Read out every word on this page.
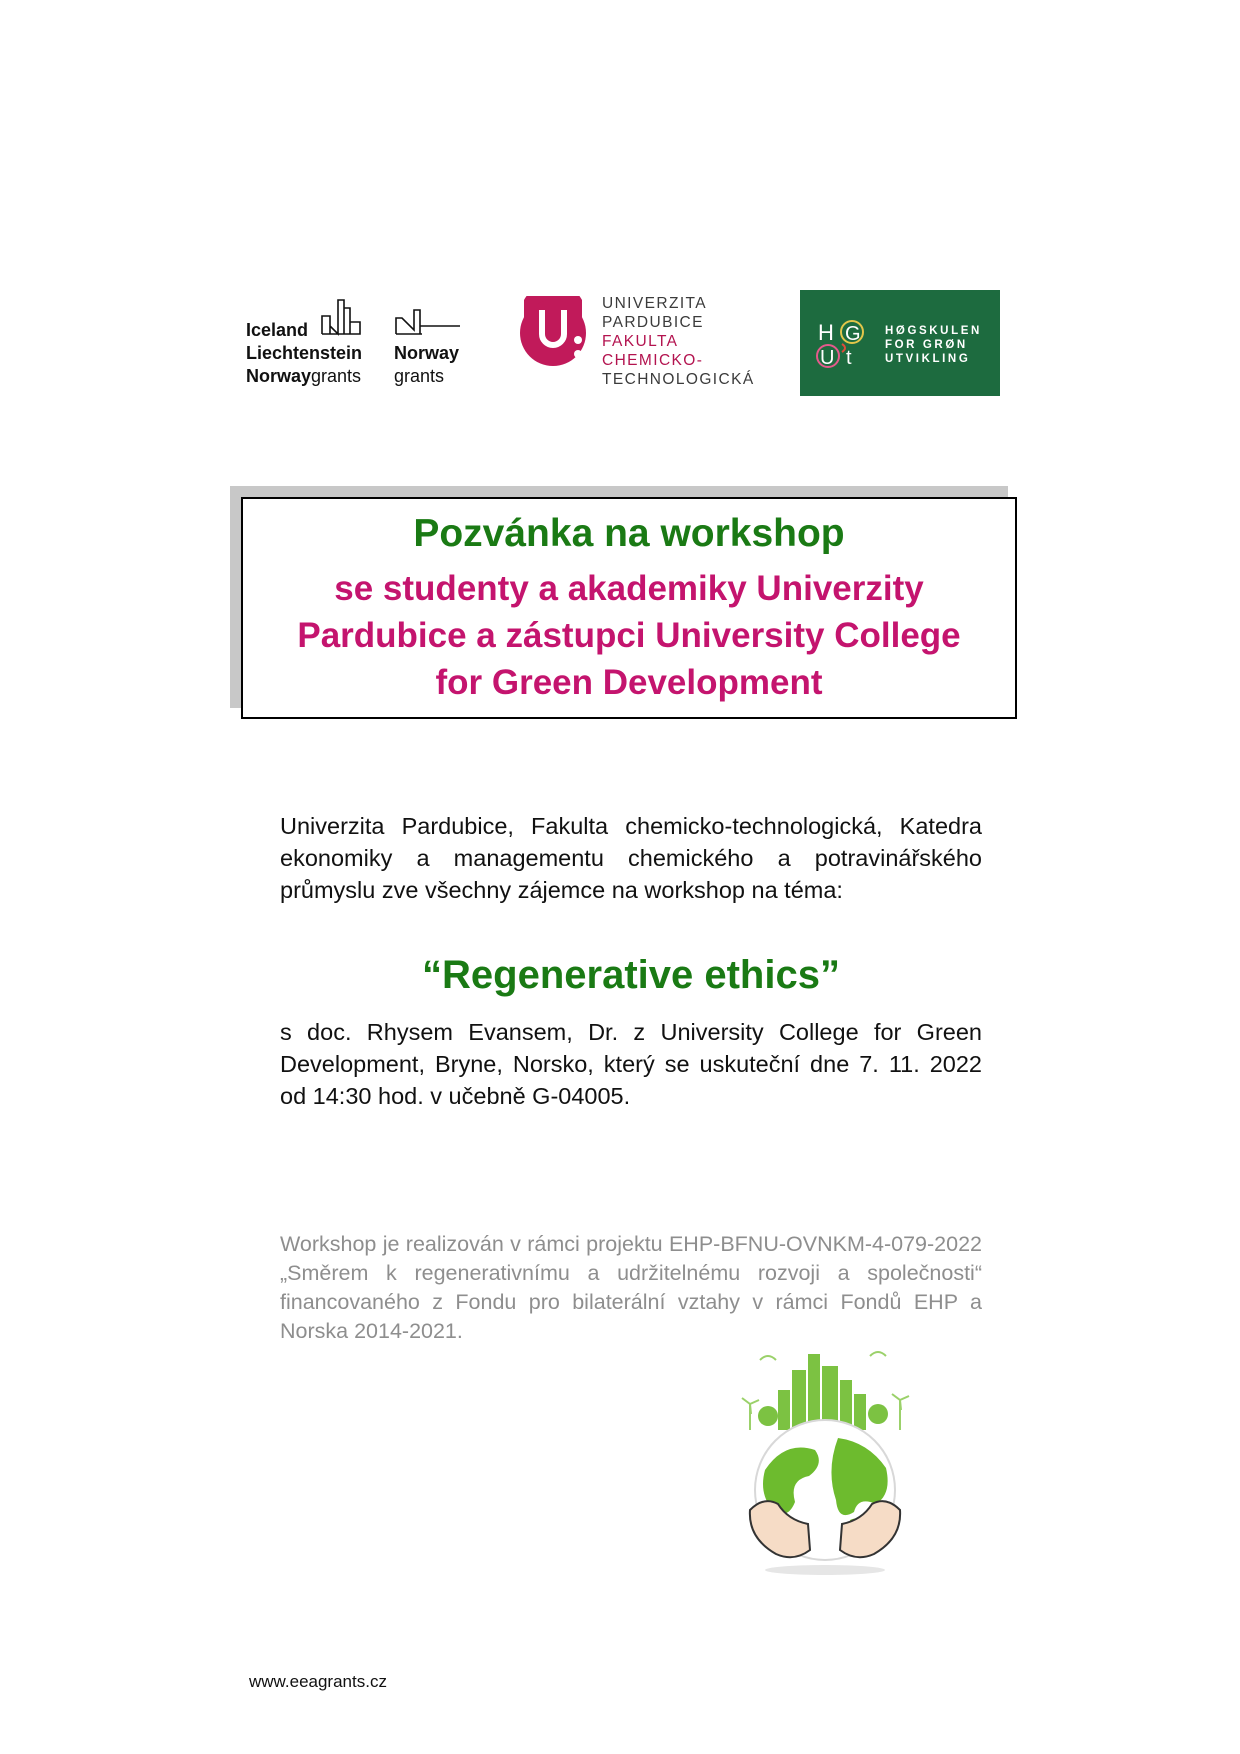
Iceland
Liechtenstein
Norwaygrants
Norway
grants
UNIVERZITA
PARDUBICE
FAKULTA
CHEMICKO-
TECHNOLOGICKÁ
H G
U t
HØGSKULEN
FOR GRØN
UTVIKLING
Pozvánka na workshop
se studenty a akademiky Univerzity
Pardubice a zástupci University College
for Green Development
Univerzita Pardubice, Fakulta chemicko-technologická, Katedra ekonomiky a managementu chemického a potravinářského průmyslu zve všechny zájemce na workshop na téma:
“Regenerative ethics”
s doc. Rhysem Evansem, Dr. z University College for Green Development, Bryne, Norsko, který se uskuteční dne 7. 11. 2022 od 14:30 hod. v učebně G-04005.
Workshop je realizován v rámci projektu EHP-BFNU-OVNKM-4-079-2022 „Směrem k regenerativnímu a udržitelnému rozvoji a společnosti“ financovaného z Fondu pro bilaterální vztahy v rámci Fondů EHP a Norska 2014-2021.
www.eeagrants.cz
